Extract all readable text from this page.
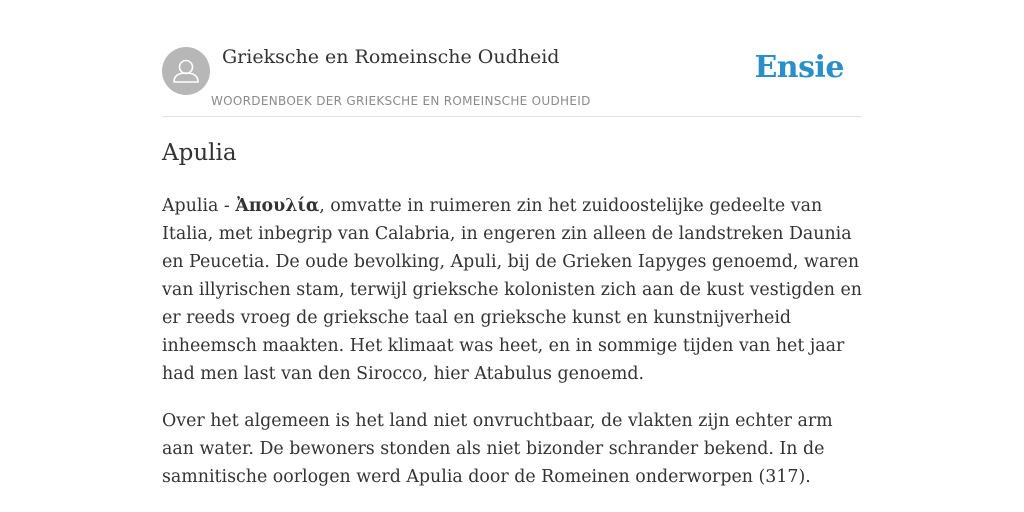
Grieksche en Romeinsche Oudheid
WOORDENBOEK DER GRIEKSCHE EN ROMEINSCHE OUDHEID
Ensie
Apulia

Apulia - Ἀπουλία, omvatte in ruimeren zin het zuidoostelijke gedeelte van Italia, met inbegrip van Calabria, in engeren zin alleen de landstreken Daunia en Peucetia. De oude bevolking, Apuli, bij de Grieken Iapyges genoemd, waren van illyrischen stam, terwijl grieksche kolonisten zich aan de kust vestigden en er reeds vroeg de grieksche taal en grieksche kunst en kunstnijverheid inheemsch maakten. Het klimaat was heet, en in sommige tijden van het jaar had men last van den Sirocco, hier Atabulus genoemd.

Over het algemeen is het land niet onvruchtbaar, de vlakten zijn echter arm aan water. De bewoners stonden als niet bizonder schrander bekend. In de samnitische oorlogen werd Apulia door de Romeinen onderworpen (317).
